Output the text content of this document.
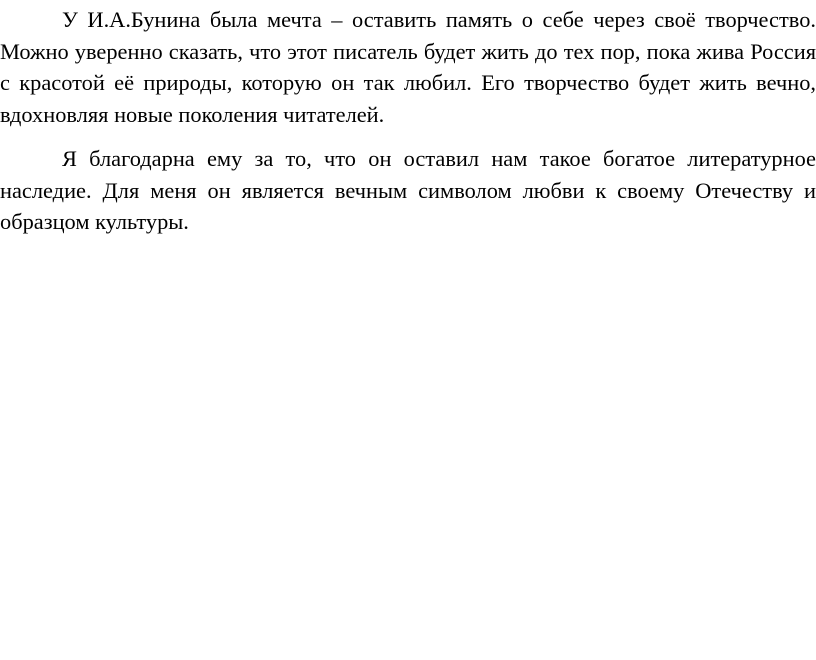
У И.А.Бунина была мечта – оставить память о себе через своё творчество. Можно уверенно сказать, что этот писатель будет жить до тех пор, пока жива Россия с красотой её природы, которую он так любил. Его творчество будет жить вечно, вдохновляя новые поколения читателей.

Я благодарна ему за то, что он оставил нам такое богатое литературное наследие. Для меня он является вечным символом любви к своему Отечеству и образцом культуры.
